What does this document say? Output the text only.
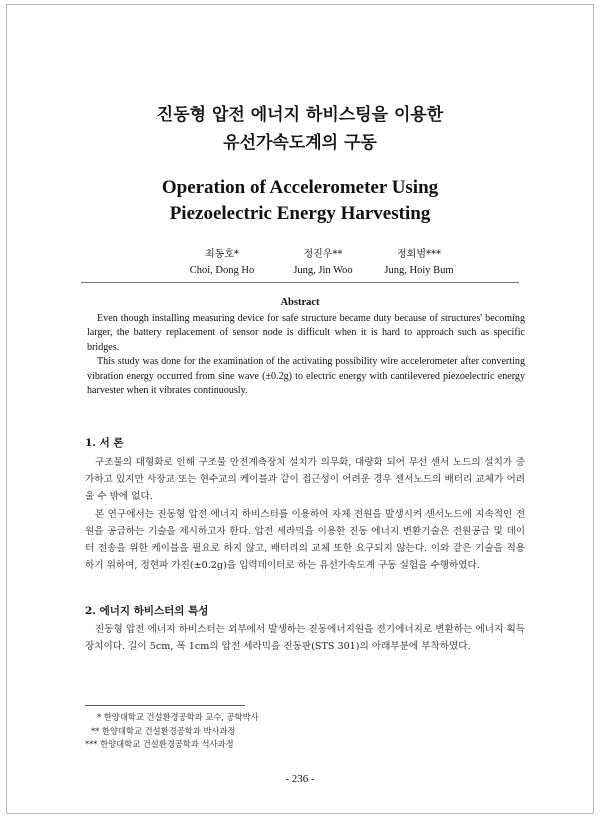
진동형 압전 에너지 하비스팅을 이용한
유선가속도계의 구동
Operation of Accelerometer Using
Piezoelectric Energy Harvesting
최동호*
Choi, Dong Ho
정진우**
Jung, Jin Woo
정회범***
Jung, Hoiy Bum
Abstract

Even though installing measuring device for safe structure became duty because of structures' becoming larger, the battery replacement of sensor node is difficult when it is hard to approach such as specific bridges.

This study was done for the examination of the activating possibility wire accelerometer after converting vibration energy occurred from sine wave (±0.2g) to electric energy with cantilevered piezoelectric energy harvester when it vibrates continuously.

1. 서 론

구조물의 대형화로 인해 구조물 안전계측장치 설치가 의무화, 대량화 되어 무선 센서 노드의 설치가 증가하고 있지만 사장교 또는 현수교의 케이블과 같이 접근성이 어려운 경우 센서노드의 배터리 교체가 어려울 수 밖에 없다.

본 연구에서는 진동형 압전 에너지 하비스터를 이용하여 자체 전원을 발생시켜 센서노드에 지속적인 전원을 공급하는 기술을 제시하고자 한다. 압전 세라믹을 이용한 진동 에너지 변환기술은 전원공급 및 데이터 전송을 위한 케이블을 필요로 하지 않고, 배터리의 교체 또한 요구되지 않는다. 이와 같은 기술을 적용하기 위하여, 정현파 가진(±0.2g)을 입력데이터로 하는 유선가속도계 구동 실험을 수행하였다.

2. 에너지 하비스터의 특성

진동형 압전 에너지 하비스터는 외부에서 발생하는 진동에너지원을 전기에너지로 변환하는 에너지 획득장치이다. 길이 5cm, 폭 1cm의 압전 세라믹을 진동판(STS 301)의 아래부분에 부착하였다.

* 한양대학교 건설환경공학과 교수, 공학박사
** 한양대학교 건설환경공학과 박사과정
*** 한양대학교 건설환경공학과 석사과정
- 236 -
